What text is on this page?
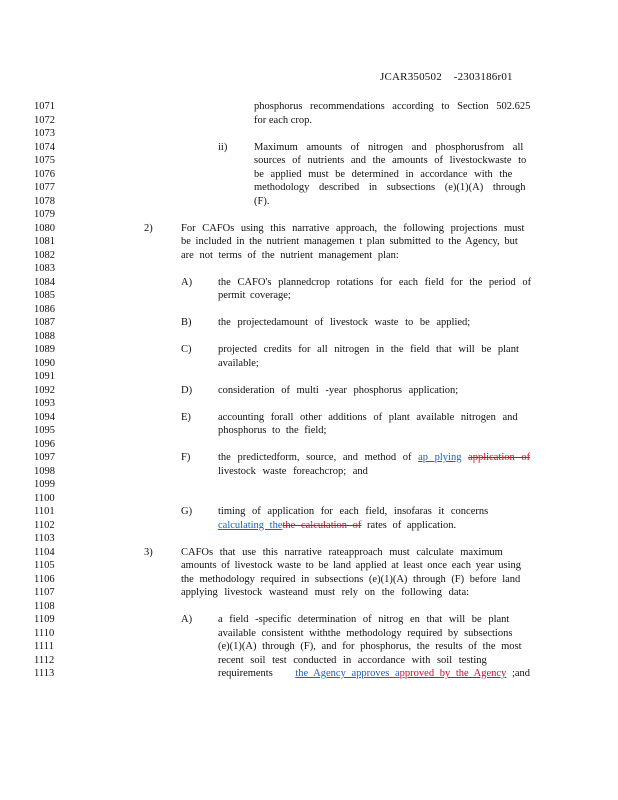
JCAR350502 -2303186r01
1071
1072
1073
1074
1075
1076
1077
1078
1079
1080
1081
1082
1083
1084
1085
1086
1087
1088
1089
1090
1091
1092
1093
1094
1095
1096
1097
1098
1099
1100
1101
1102
1103
1104
1105
1106
1107
1108
1109
1110
1111
1112
1113
phosphorus recommendations according to Section 502.625
for each crop.
ii)	Maximum amounts of nitrogen and phosphorusfrom all
sources of nutrients and the amounts of livestockwaste to
be applied must be determined in accordance with the
methodology described in subsections (e)(1)(A) through
(F).
2)	For CAFOs using this narrative approach, the following projections must
be included in the nutrient managemen t plan submitted to the Agency, but
are not terms of the nutrient management plan:
A) the CAFO's plannedcrop rotations for each field for the period of
permit coverage;
B)	the projectedamount of livestock waste to be applied;
C)	projected credits for all nitrogen in the field that will be plant
available;
D) consideration of multi -year phosphorus application;
E)	accounting forall other additions of plant available nitrogen and
phosphorus to the field;
F)	the predictedform, source, and method of ap plying application of
livestock waste foreachcrop; and
G) timing of application for each field, insofaras it concerns
calculating thethe calculation of rates of application.
3)	CAFOs that use this narrative rateapproach must calculate maximum
amounts of livestock waste to be land applied at least once each year using
the methodology required in subsections (e)(1)(A) through (F) before land
applying livestock wasteand must rely on the following data:
A) a field -specific determination of nitrog en that will be plant
available consistent withthe methodology required by subsections
(e)(1)(A) through (F), and for phosphorus, the results of the most
recent soil test conducted in accordance with soil testing
requirements the Agency approves approved by the Agency ;and
